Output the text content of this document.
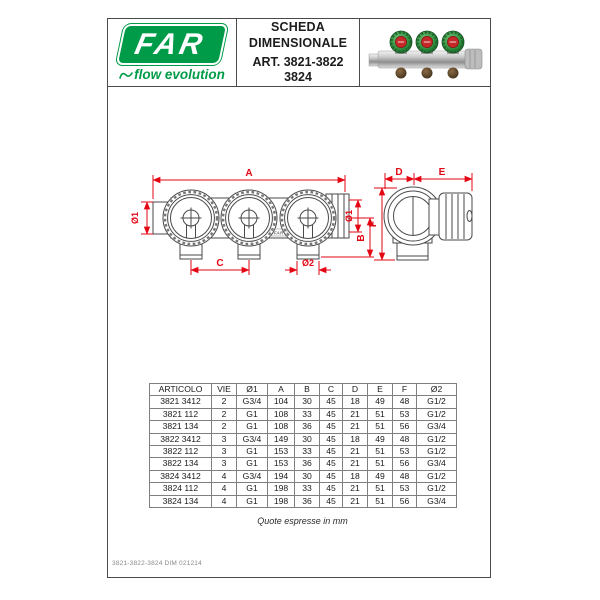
FAR
flow evolution
SCHEDA
DIMENSIONALE
ART. 3821-3822
3824
FAR
A
Ø1
C	Ø2
Ø1
B
F
D	E
ARTICOLO	VIE	Ø1	A	B	C	D	E	F	Ø2
3821 3412	2	G3/4	104	30	45	18	49	48	G1/2
3821 112	2	G1	108	33	45	21	51	53	G1/2
3821 134	2	G1	108	36	45	21	51	56	G3/4
3822 3412	3	G3/4	149	30	45	18	49	48	G1/2
3822 112	3	G1	153	33	45	21	51	53	G1/2
3822 134	3	G1	153	36	45	21	51	56	G3/4
3824 3412	4	G3/4	194	30	45	18	49	48	G1/2
3824 112	4	G1	198	33	45	21	51	53	G1/2
3824 134	4	G1	198	36	45	21	51	56	G3/4
Quote espresse in mm
3821-3822-3824 DIM 021214
